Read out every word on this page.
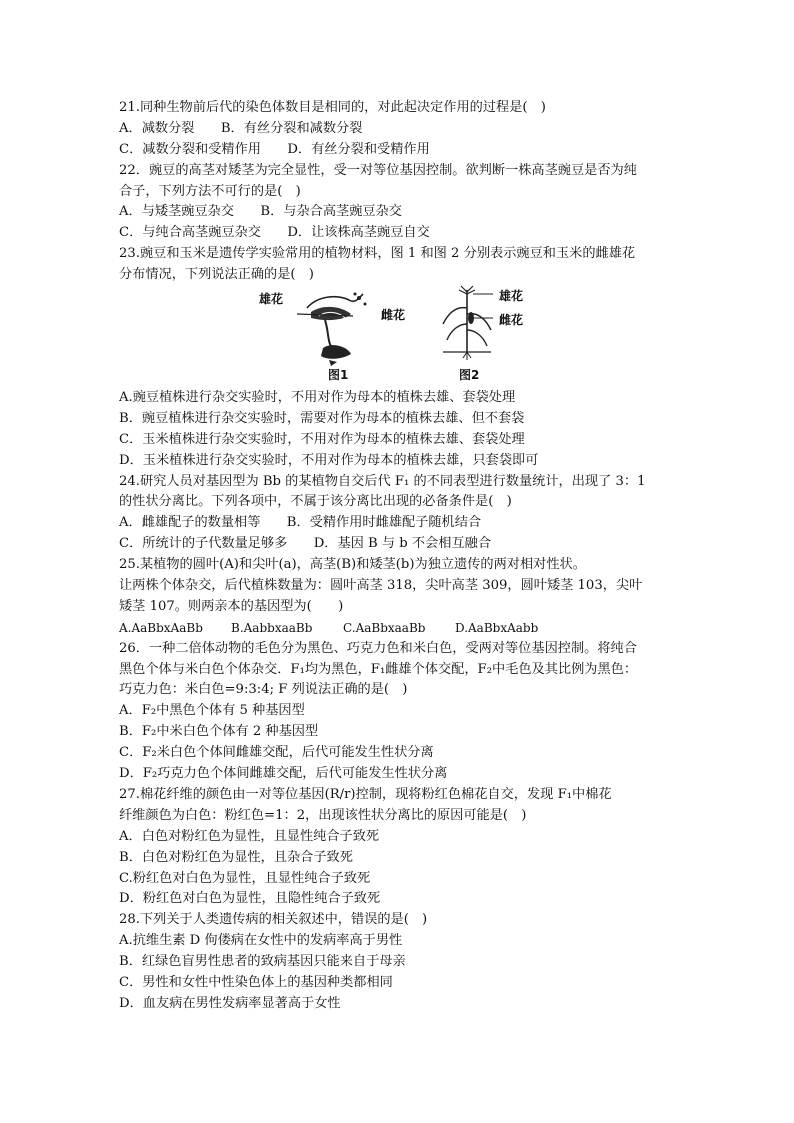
21.同种生物前后代的染色体数目是相同的，对此起决定作用的过程是(　)
A．减数分裂　　B．有丝分裂和减数分裂
C．减数分裂和受精作用　　D．有丝分裂和受精作用
22．豌豆的高茎对矮茎为完全显性，受一对等位基因控制。欲判断一株高茎豌豆是否为纯
合子，下列方法不可行的是(　)
A．与矮茎豌豆杂交　　B．与杂合高茎豌豆杂交
C．与纯合高茎豌豆杂交　　D．让该株高茎豌豆自交
23.豌豆和玉米是遗传学实验常用的植物材料，图 1 和图 2 分别表示豌豆和玉米的雌雄花
分布情况，下列说法正确的是(　)
雄花
雌花
图1
雄花
雌花
图2
A.豌豆植株进行杂交实验时，不用对作为母本的植株去雄、套袋处理
B．豌豆植株进行杂交实验时，需要对作为母本的植株去雄、但不套袋
C．玉米植株进行杂交实验时，不用对作为母本的植株去雄、套袋处理
D．玉米植株进行杂交实验时，不用对作为母本的植株去雄，只套袋即可
24.研究人员对基因型为 Bb 的某植物自交后代 F₁ 的不同表型进行数量统计，出现了 3：1
的性状分离比。下列各项中，不属于该分离比出现的必备条件是(　)
A．雌雄配子的数量相等　　B．受精作用时雌雄配子随机结合
C．所统计的子代数量足够多　　D．基因 B 与 b 不会相互融合
25.某植物的圆叶(A)和尖叶(a)，高茎(B)和矮茎(b)为独立遗传的两对相对性状。
让两株个体杂交，后代植株数量为：圆叶高茎 318，尖叶高茎 309，圆叶矮茎 103，尖叶
矮茎 107。则两亲本的基因型为(　　)
A.AaBbxAaBb	B.AabbxaaBb	C.AaBbxaaBb	D.AaBbxAabb
26．一种二倍体动物的毛色分为黑色、巧克力色和米白色，受两对等位基因控制。将纯合
黑色个体与米白色个体杂交．F₁均为黑色，F₁雌雄个体交配，F₂中毛色及其比例为黑色：
巧克力色：米白色=9:3:4; F 列说法正确的是(　)
A．F₂中黑色个体有 5 种基因型
B．F₂中米白色个体有 2 种基因型
C．F₂米白色个体间雌雄交配，后代可能发生性状分离
D．F₂巧克力色个体间雌雄交配，后代可能发生性状分离
27.棉花纤维的颜色由一对等位基因(R/r)控制，现将粉红色棉花自交，发现 F₁中棉花
纤维颜色为白色：粉红色=1：2，出现该性状分离比的原因可能是(　)
A．白色对粉红色为显性，且显性纯合子致死
B．白色对粉红色为显性，且杂合子致死
C.粉红色对白色为显性，且显性纯合子致死
D．粉红色对白色为显性，且隐性纯合子致死
28.下列关于人类遗传病的相关叙述中，错误的是(　)
A.抗维生素 D 佝偻病在女性中的发病率高于男性
B．红绿色盲男性患者的致病基因只能来自于母亲
C．男性和女性中性染色体上的基因种类都相同
D．血友病在男性发病率显著高于女性
